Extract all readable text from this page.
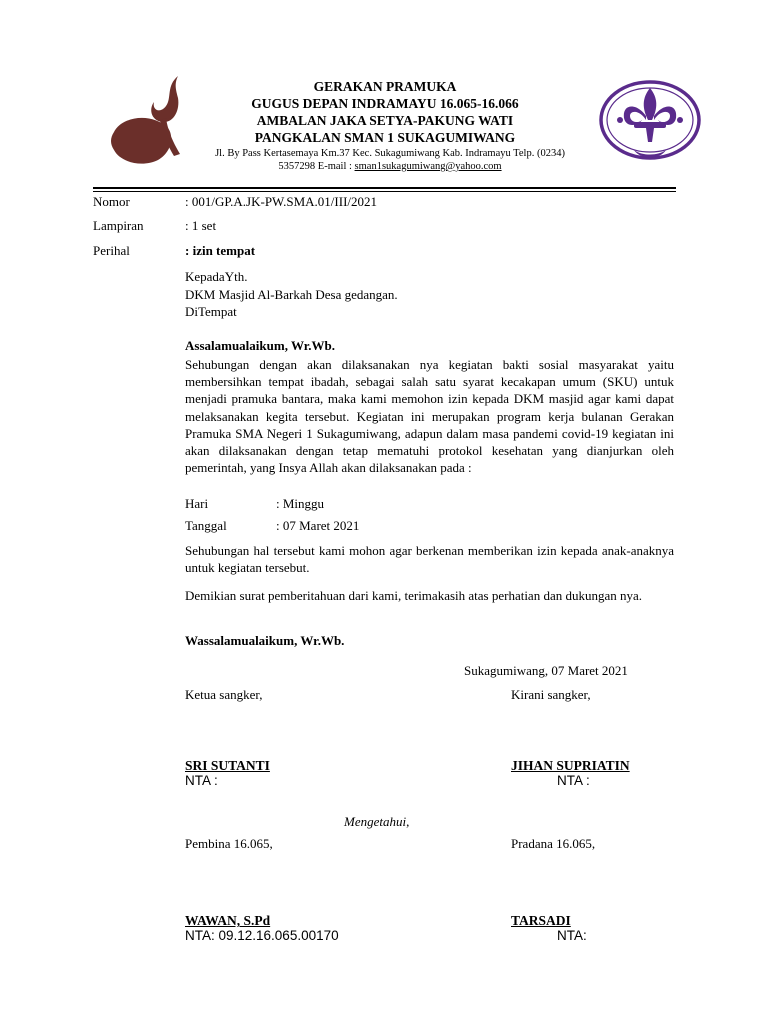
GERAKAN PRAMUKA
GUGUS DEPAN INDRAMAYU 16.065-16.066
AMBALAN JAKA SETYA-PAKUNG WATI
PANGKALAN SMAN 1 SUKAGUMIWANG
Jl. By Pass Kertasemaya Km.37 Kec. Sukagumiwang Kab. Indramayu Telp. (0234)
5357298 E-mail : sman1sukagumiwang@yahoo.com
Nomor	: 001/GP.A.JK-PW.SMA.01/III/2021
Lampiran	: 1 set
Perihal	: izin tempat
KepadaYth.
DKM Masjid Al-Barkah Desa gedangan.
DiTempat
Assalamualaikum, Wr.Wb.
Sehubungan dengan akan dilaksanakan nya kegiatan bakti sosial masyarakat yaitu membersihkan tempat ibadah, sebagai salah satu syarat kecakapan umum (SKU) untuk menjadi pramuka bantara, maka kami memohon izin kepada DKM masjid agar kami dapat melaksanakan kegita tersebut. Kegiatan ini merupakan program kerja bulanan Gerakan Pramuka SMA Negeri 1 Sukagumiwang, adapun dalam masa pandemi covid-19 kegiatan ini akan dilaksanakan dengan tetap mematuhi protokol kesehatan yang dianjurkan oleh pemerintah, yang Insya Allah akan dilaksanakan pada :
Hari	: Minggu
Tanggal	: 07 Maret 2021
Sehubungan hal tersebut kami mohon agar berkenan memberikan izin kepada anak-anaknya untuk kegiatan tersebut.
Demikian surat pemberitahuan dari kami, terimakasih atas perhatian dan dukungan nya.
Wassalamualaikum, Wr.Wb.
Sukagumiwang, 07 Maret 2021
Ketua sangker,	Kirani sangker,
SRI SUTANTI	JIHAN SUPRIATIN
NTA :	NTA :
Mengetahui,
Pembina 16.065,	Pradana 16.065,
WAWAN, S.Pd	TARSADI
NTA: 09.12.16.065.00170	NTA:
